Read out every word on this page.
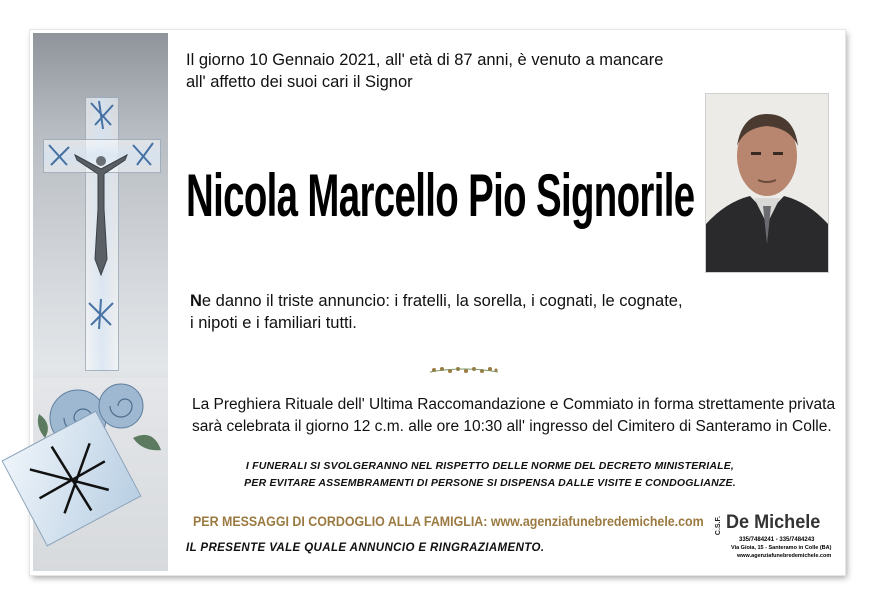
Il giorno 10 Gennaio 2021, all' età di 87 anni, è venuto a mancare
all' affetto dei suoi cari il Signor
Nicola Marcello Pio Signorile
Ne danno il triste annuncio: i fratelli, la sorella, i cognati, le cognate,
i nipoti e i familiari tutti.
La Preghiera Rituale dell' Ultima Raccomandazione e Commiato in forma strettamente privata
sarà celebrata il giorno 12 c.m. alle ore 10:30 all' ingresso del Cimitero di Santeramo in Colle.
I FUNERALI SI SVOLGERANNO NEL RISPETTO DELLE NORME DEL DECRETO MINISTERIALE,
PER EVITARE ASSEMBRAMENTI DI PERSONE SI DISPENSA DALLE VISITE E CONDOGLIANZE.
PER MESSAGGI DI CORDOGLIO ALLA FAMIGLIA: www.agenziafunebredemichele.com
IL PRESENTE VALE QUALE ANNUNCIO E RINGRAZIAMENTO.
C.S.F. De Michele
335/7484241 - 335/7484243
Via Gioia, 15 - Santeramo in Colle (BA)
www.agenziafunebredemichele.com
